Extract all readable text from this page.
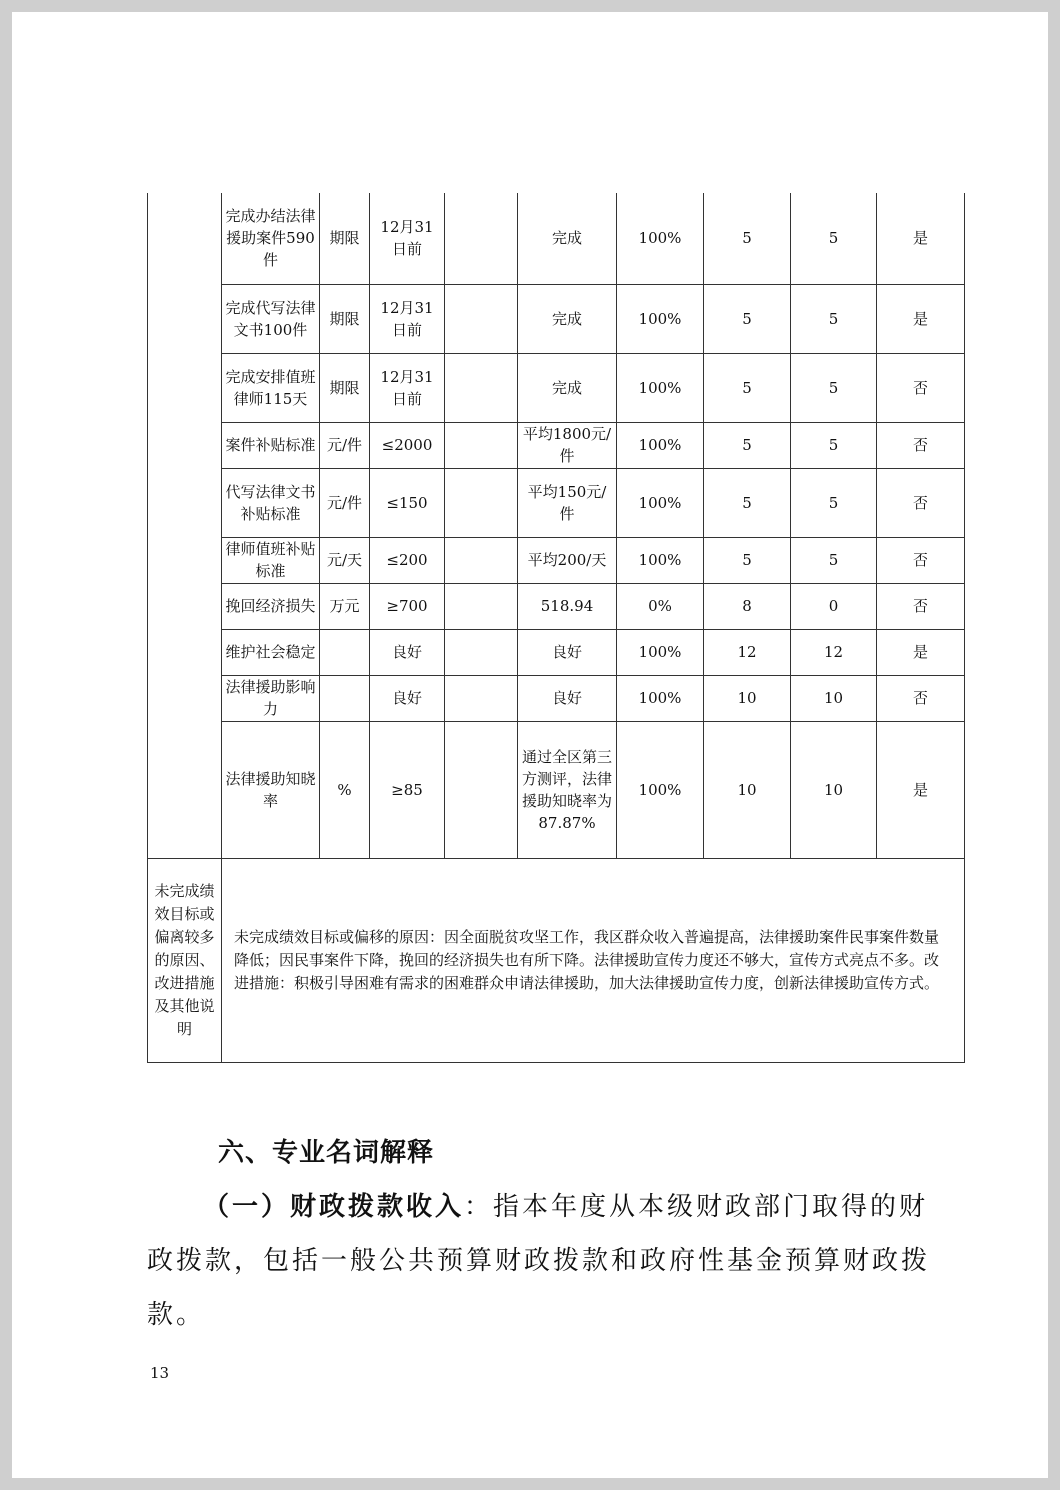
	完成办结法律援助案件590件	期限	12月31日前		完成	100%	5	5	是
	完成代写法律文书100件	期限	12月31日前		完成	100%	5	5	是
	完成安排值班律师115天	期限	12月31日前		完成	100%	5	5	否
	案件补贴标准	元/件	≤2000		平均1800元/件	100%	5	5	否
	代写法律文书补贴标准	元/件	≤150		平均150元/件	100%	5	5	否
	律师值班补贴标准	元/天	≤200		平均200/天	100%	5	5	否
	挽回经济损失	万元	≥700		518.94	0%	8	0	否
	维护社会稳定		良好		良好	100%	12	12	是
	法律援助影响力		良好		良好	100%	10	10	否
	法律援助知晓率	%	≥85		通过全区第三方测评，法律援助知晓率为87.87%	100%	10	10	是
未完成绩效目标或偏离较多的原因、改进措施及其他说明	未完成绩效目标或偏移的原因：因全面脱贫攻坚工作，我区群众收入普遍提高，法律援助案件民事案件数量降低；因民事案件下降，挽回的经济损失也有所下降。法律援助宣传力度还不够大，宣传方式亮点不多。改进措施：积极引导困难有需求的困难群众申请法律援助，加大法律援助宣传力度，创新法律援助宣传方式。								
六、专业名词解释

（一）财政拨款收入：指本年度从本级财政部门取得的财政拨款，包括一般公共预算财政拨款和政府性基金预算财政拨款。

13
